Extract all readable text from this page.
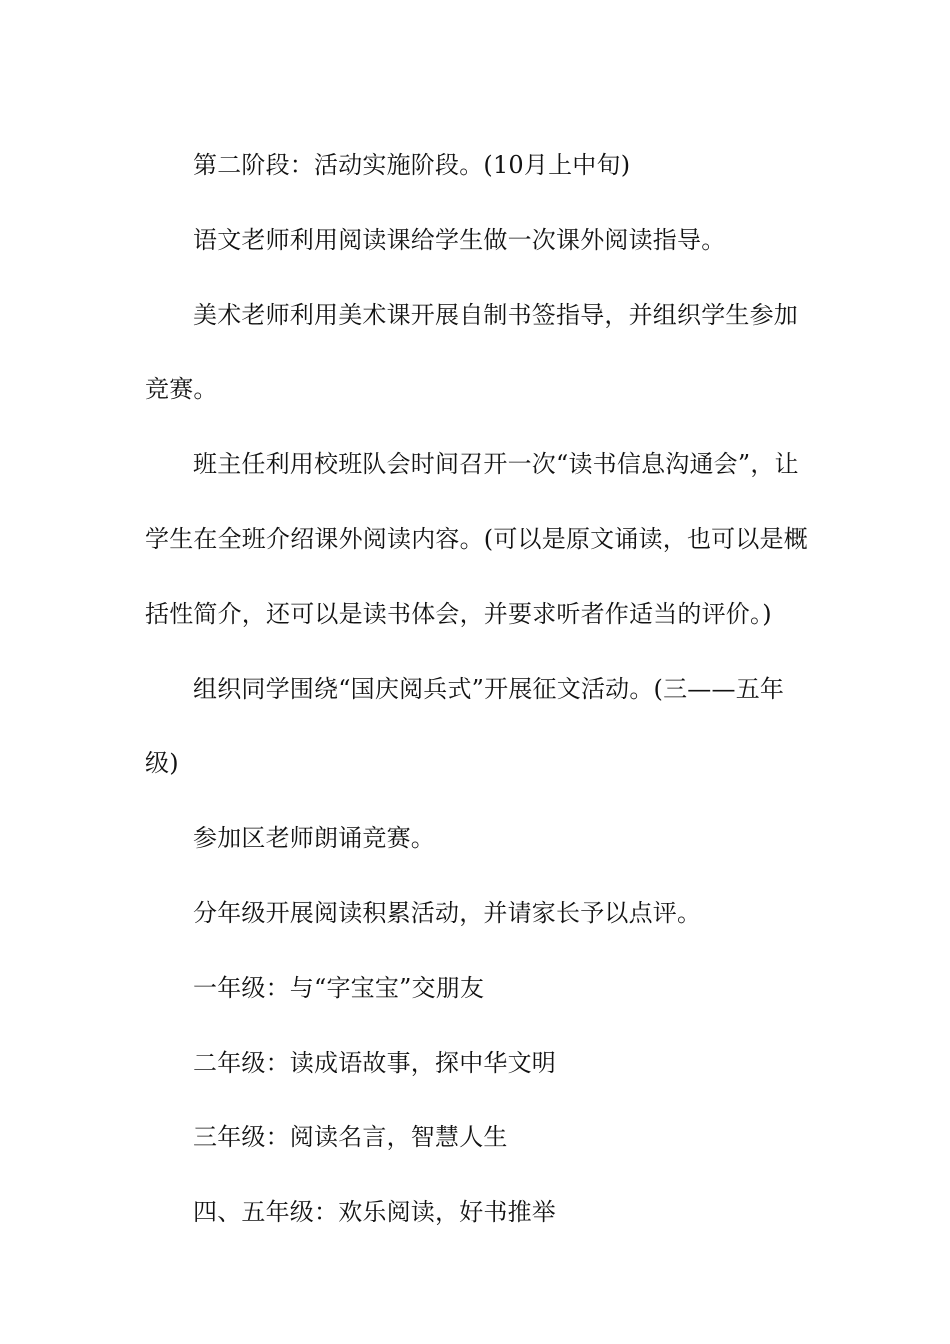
第二阶段：活动实施阶段。(10月上中旬)

语文老师利用阅读课给学生做一次课外阅读指导。

美术老师利用美术课开展自制书签指导，并组织学生参加竞赛。

班主任利用校班队会时间召开一次“读书信息沟通会”，让学生在全班介绍课外阅读内容。(可以是原文诵读，也可以是概括性简介，还可以是读书体会，并要求听者作适当的评价。)

组织同学围绕“国庆阅兵式”开展征文活动。(三——五年级)

参加区老师朗诵竞赛。

分年级开展阅读积累活动，并请家长予以点评。

一年级：与“字宝宝”交朋友

二年级：读成语故事，探中华文明

三年级：阅读名言，智慧人生

四、五年级：欢乐阅读，好书推举
